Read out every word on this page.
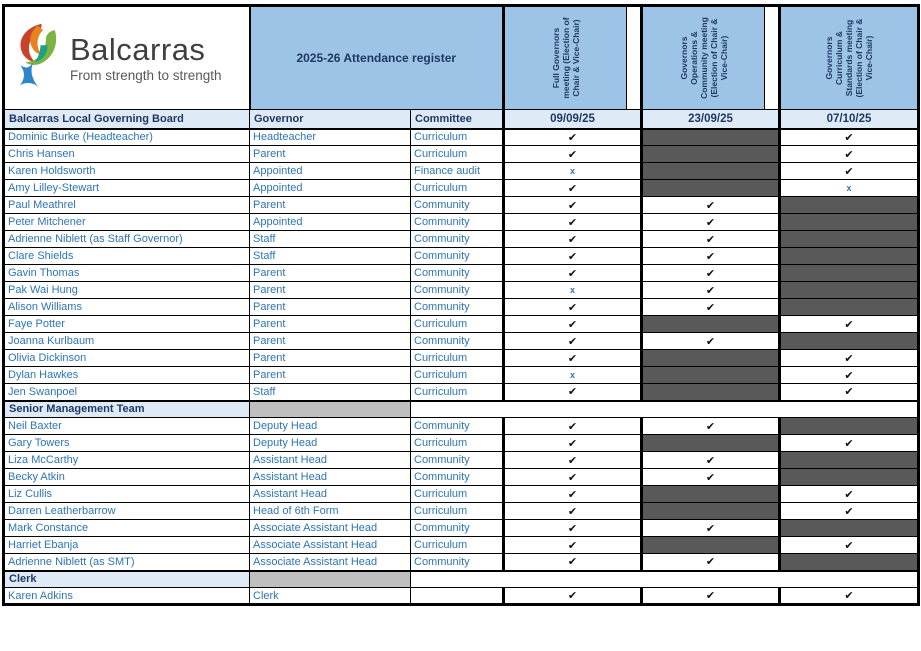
Balcarras
From strength to strength	2025-26 Attendance register		Full Governors meeting (Election of Chair & Vice-Chair)	Governors Operations & Community meeting (Election of Chair & Vice-Chair)	Governors Curriculum & Standards meeting (Election of Chair & Vice-Chair)

Balcarras Local Governing Board	Governor	Committee	09/09/25	23/09/25	07/10/25
Dominic Burke (Headteacher)	Headteacher	Curriculum	✔		✔
Chris Hansen	Parent	Curriculum	✔		✔
Karen Holdsworth	Appointed	Finance audit	x		✔
Amy Lilley-Stewart	Appointed	Curriculum	✔		x
Paul Meathrel	Parent	Community	✔	✔	
Peter Mitchener	Appointed	Community	✔	✔	
Adrienne Niblett (as Staff Governor)	Staff	Community	✔	✔	
Clare Shields	Staff	Community	✔	✔	
Gavin Thomas	Parent	Community	✔	✔	
Pak Wai Hung	Parent	Community	x	✔	
Alison Williams	Parent	Community	✔	✔	
Faye Potter	Parent	Curriculum	✔		✔
Joanna Kurlbaum	Parent	Community	✔	✔	
Olivia Dickinson	Parent	Curriculum	✔		✔
Dylan Hawkes	Parent	Curriculum	x		✔
Jen Swanpoel	Staff	Curriculum	✔		✔
Senior Management Team					
Neil Baxter	Deputy Head	Community	✔	✔	
Gary Towers	Deputy Head	Curriculum	✔		✔
Liza McCarthy	Assistant Head	Community	✔	✔	
Becky Atkin	Assistant Head	Community	✔	✔	
Liz Cullis	Assistant Head	Curriculum	✔		✔
Darren Leatherbarrow	Head of 6th Form	Curriculum	✔		✔
Mark Constance	Associate Assistant Head	Community	✔	✔	
Harriet Ebanja	Associate Assistant Head	Curriculum	✔		✔
Adrienne Niblett (as SMT)	Associate Assistant Head	Community	✔	✔	
Clerk					
Karen Adkins	Clerk		✔	✔	✔
